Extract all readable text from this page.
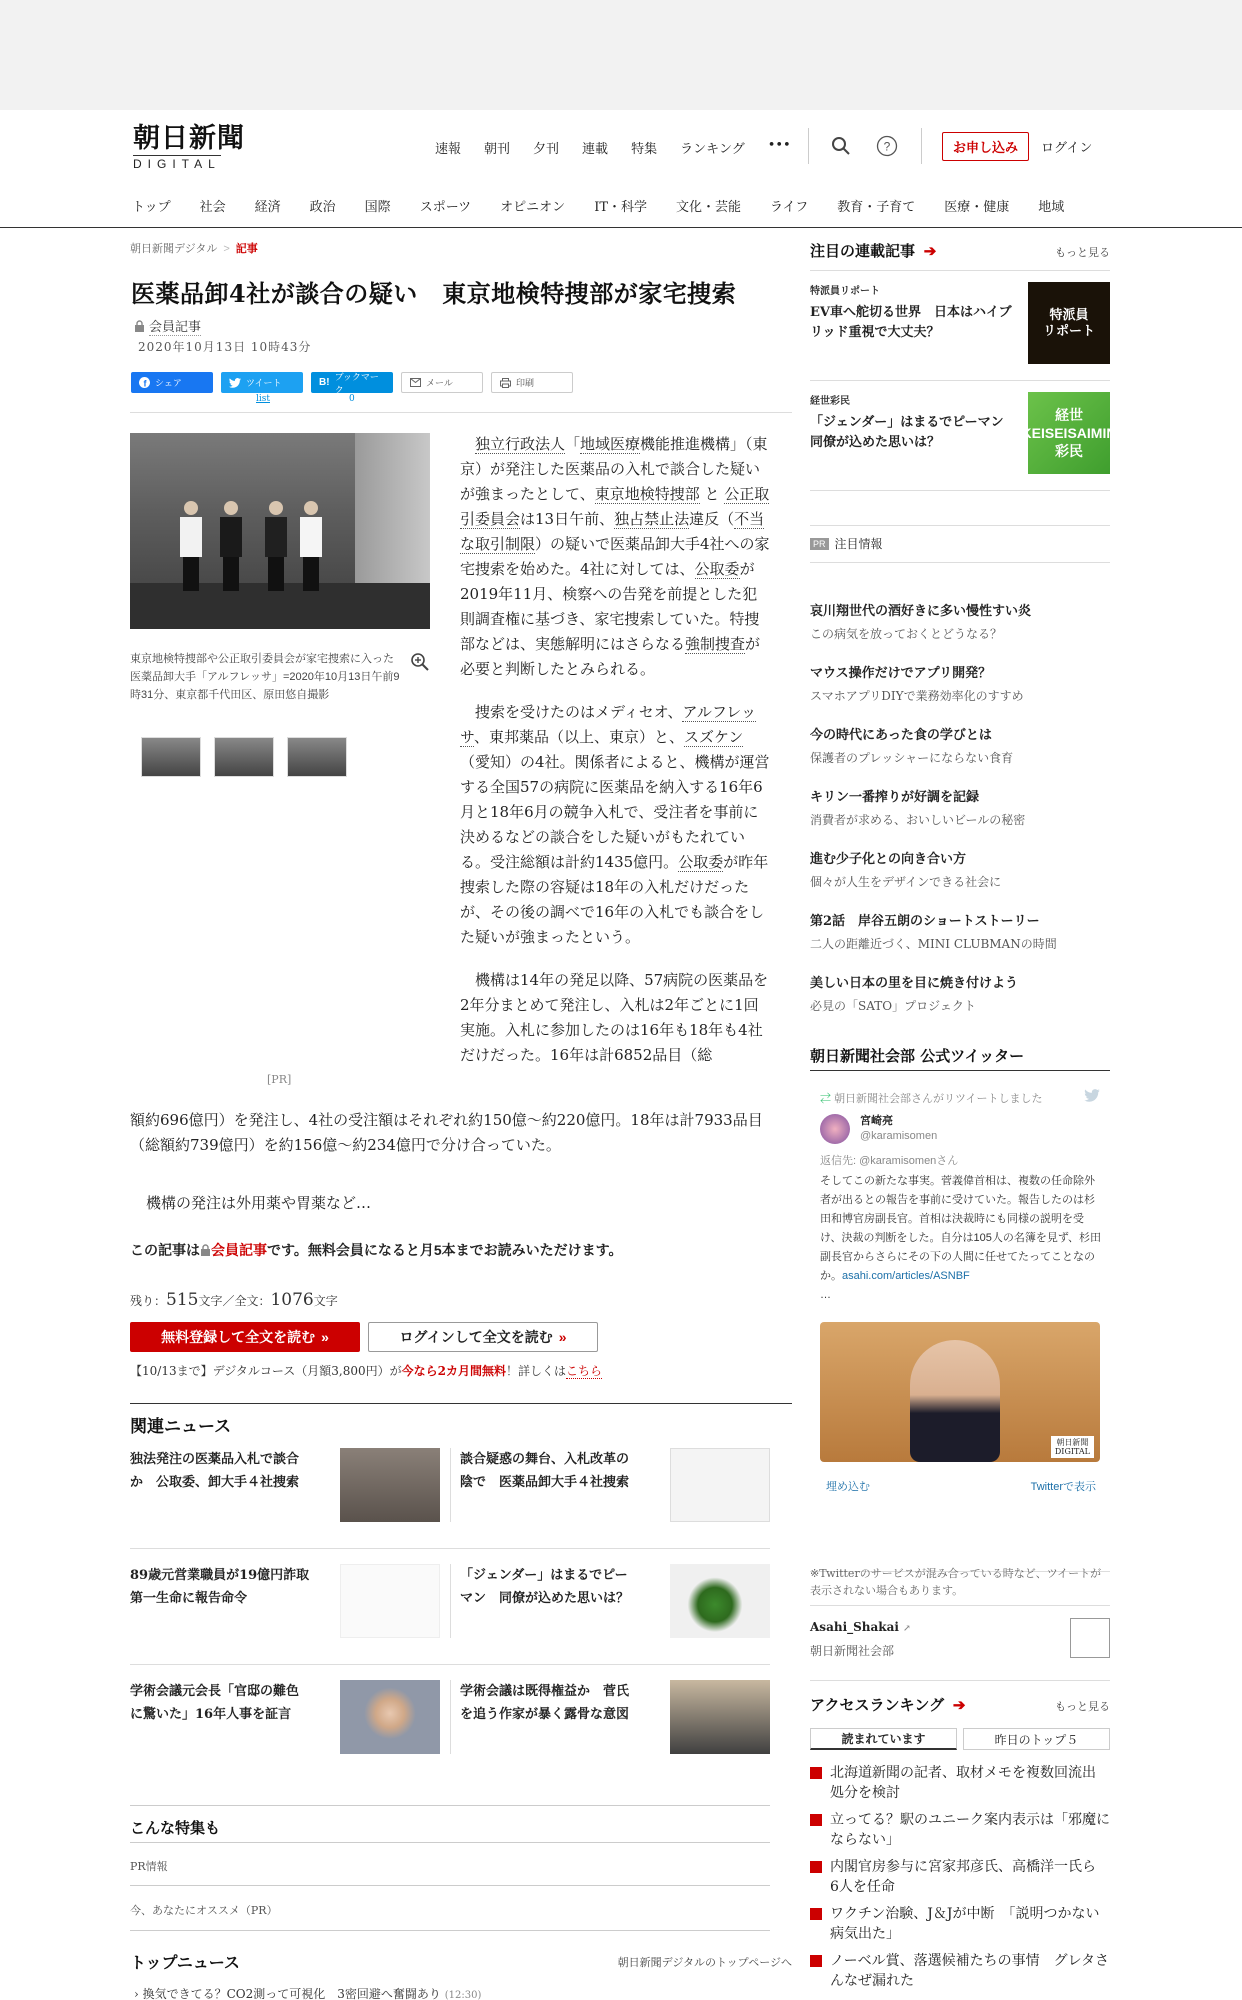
朝日新聞
DIGITAL
速報 朝刊 夕刊 連載 特集 ランキング •••	?	お申し込み	ログイン
トップ 社会 経済 政治 国際 スポーツ オピニオン IT・科学 文化・芸能 ライフ 教育・子育て 医療・健康 地域
朝日新聞デジタル > 記事
医薬品卸4社が談合の疑い　東京地検特捜部が家宅捜索
会員記事
2020年10月13日 10時43分
f シェア	ツイート
list
B!
ブックマーク
0
メール	印刷
東京地検特捜部や公正取引委員会が家宅捜索に入った医薬品卸大手「アルフレッサ」=2020年10月13日午前9時31分、東京都千代田区、原田悠自撮影
[PR]

独立行政法人「地域医療機能推進機構」（東京）が発注した医薬品の入札で談合した疑いが強まったとして、東京地検特捜部 と 公正取引委員会は13日午前、独占禁止法違反（不当な取引制限）の疑いで医薬品卸大手4社への家宅捜索を始めた。4社に対しては、公取委が2019年11月、検察への告発を前提とした犯則調査権に基づき、家宅捜索していた。特捜部などは、実態解明にはさらなる強制捜査が必要と判断したとみられる。

捜索を受けたのはメディセオ、アルフレッサ、東邦薬品（以上、東京）と、スズケン（愛知）の4社。関係者によると、機構が運営する全国57の病院に医薬品を納入する16年6月と18年6月の競争入札で、受注者を事前に決めるなどの談合をした疑いがもたれている。受注総額は計約1435億円。公取委が昨年捜索した際の容疑は18年の入札だけだったが、その後の調べで16年の入札でも談合をした疑いが強まったという。

機構は14年の発足以降、57病院の医薬品を2年分まとめて発注し、入札は2年ごとに1回実施。入札に参加したのは16年も18年も4社だけだった。16年は計6852品目（総

額約696億円）を発注し、4社の受注額はそれぞれ約150億～約220億円。18年は計7933品目（総額約739億円）を約156億～約234億円で分け合っていた。
機構の発注は外用薬や胃薬など…
この記事は 会員記事です。無料会員になると月5本までお読みいただけます。
残り：515文字／全文：1076文字
無料登録して全文を読む »	ログインして全文を読む »
【10/13まで】デジタルコース（月額3,800円）が今なら2カ月間無料！詳しくはこちら
関連ニュース
独法発注の医薬品入札で談合か　公取委、卸大手４社捜索
談合疑惑の舞台、入札改革の陰で　医薬品卸大手４社捜索
89歳元営業職員が19億円詐取　第一生命に報告命令
「ジェンダー」はまるでピーマン　同僚が込めた思いは？
学術会議元会長「官邸の難色に驚いた」16年人事を証言
学術会議は既得権益か　菅氏を追う作家が暴く露骨な意図
こんな特集も
PR情報
今、あなたにオススメ（PR）
トップニュース	朝日新聞デジタルのトップページへ
› 換気できてる？CO2測って可視化　3密回避へ奮闘あり (12:30)
注目の連載記事 ➔	もっと見る
特派員リポート
EV車へ舵切る世界　日本はハイブリッド重視で大丈夫？
特派員
リポート
経世彩民
「ジェンダー」はまるでピーマン　同僚が込めた思いは？
経世
KEISEISAIMIN
彩民
PR 注目情報
哀川翔世代の酒好きに多い慢性すい炎
この病気を放っておくとどうなる？
マウス操作だけでアプリ開発？
スマホアプリDIYで業務効率化のすすめ
今の時代にあった食の学びとは
保護者のプレッシャーにならない食育
キリン一番搾りが好調を記録
消費者が求める、おいしいビールの秘密
進む少子化との向き合い方
個々が人生をデザインできる社会に
第2話　岸谷五朗のショートストーリー
二人の距離近づく、MINI CLUBMANの時間
美しい日本の里を目に焼き付けよう
必見の「SATO」プロジェクト
朝日新聞社会部 公式ツイッター
⇄ 朝日新聞社会部さんがリツイートしました
宮崎亮
@karamisomen
返信先: @karamisomenさん
そしてこの新たな事実。菅義偉首相は、複数の任命除外者が出るとの報告を事前に受けていた。報告したのは杉田和博官房副長官。首相は決裁時にも同様の説明を受け、決裁の判断をした。自分は105人の名簿を見ず、杉田副長官からさらにその下の人間に任せてたってことなのか。asahi.com/articles/ASNBF
…
朝日新聞
DIGITAL
埋め込む	Twitterで表示
※Twitterのサービスが混み合っている時など、ツイートが表示されない場合もあります。
Asahi_Shakai ↗
朝日新聞社会部
アクセスランキング ➔	もっと見る
読まれています	昨日のトップ５
北海道新聞の記者、取材メモを複数回流出　処分を検討
立ってる？駅のユニーク案内表示は「邪魔にならない」
内閣官房参与に宮家邦彦氏、高橋洋一氏ら　6人を任命
ワクチン治験、J＆Jが中断　「説明つかない病気出た」
ノーベル賞、落選候補たちの事情　グレタさんなぜ漏れた
